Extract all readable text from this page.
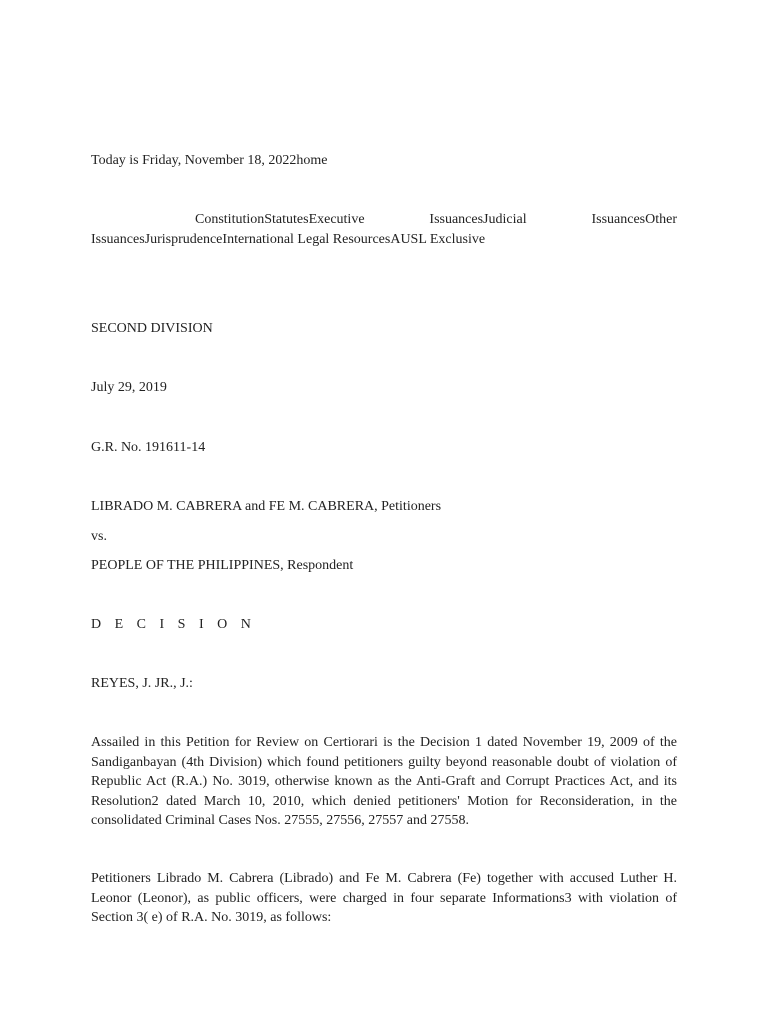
Today is Friday, November 18, 2022home
ConstitutionStatutesExecutive IssuancesJudicial IssuancesOther IssuancesJurisprudenceInternational Legal ResourcesAUSL Exclusive
SECOND DIVISION
July 29, 2019
G.R. No. 191611-14
LIBRADO M. CABRERA and FE M. CABRERA, Petitioners
vs.
PEOPLE OF THE PHILIPPINES, Respondent
D E C I S I O N
REYES, J. JR., J.:
Assailed in this Petition for Review on Certiorari is the Decision 1 dated November 19, 2009 of the Sandiganbayan (4th Division) which found petitioners guilty beyond reasonable doubt of violation of Republic Act (R.A.) No. 3019, otherwise known as the Anti-Graft and Corrupt Practices Act, and its Resolution2 dated March 10, 2010, which denied petitioners' Motion for Reconsideration, in the consolidated Criminal Cases Nos. 27555, 27556, 27557 and 27558.
Petitioners Librado M. Cabrera (Librado) and Fe M. Cabrera (Fe) together with accused Luther H. Leonor (Leonor), as public officers, were charged in four separate Informations3 with violation of Section 3( e) of R.A. No. 3019, as follows:
